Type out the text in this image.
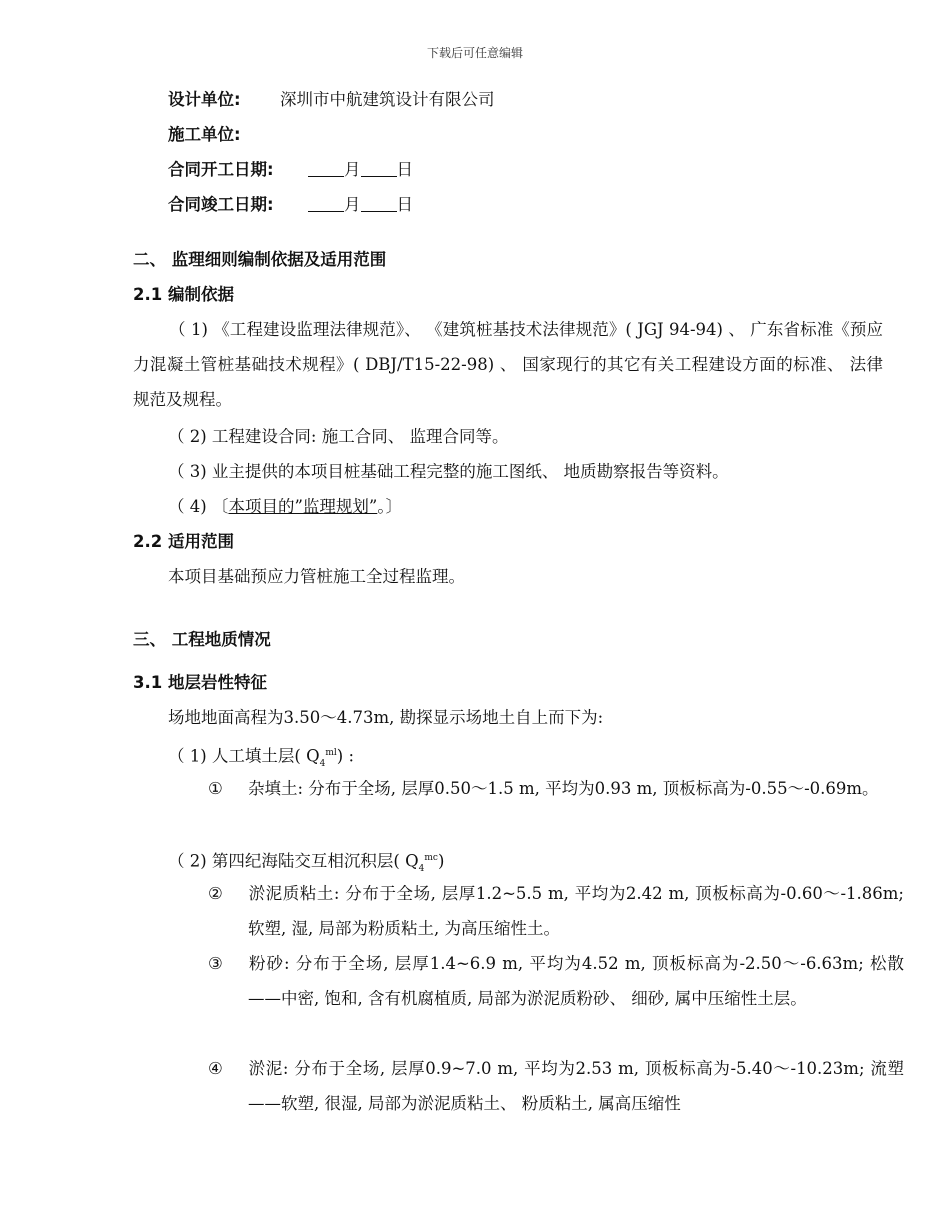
下载后可任意编辑
设计单位: 深圳市中航建筑设计有限公司
施工单位:
合同开工日期:	月 日
合同竣工日期:	月 日
二、 监理细则编制依据及适用范围
2.1 编制依据
（ 1) 《工程建设监理法律规范》、 《建筑桩基技术法律规范》( JGJ 94-94) 、 广东省标准《预应力混凝土管桩基础技术规程》( DBJ/T15-22-98) 、 国家现行的其它有关工程建设方面的标准、 法律规范及规程。
（ 2) 工程建设合同: 施工合同、 监理合同等。
（ 3) 业主提供的本项目桩基础工程完整的施工图纸、 地质勘察报告等资料。
（ 4) 〔本项目的”监理规划”。〕
2.2 适用范围
本项目基础预应力管桩施工全过程监理。
三、 工程地质情况
3.1 地层岩性特征
场地地面高程为3.50～4.73m, 勘探显示场地土自上而下为:
（ 1) 人工填土层( $Q_4^{ml}$) :
① 杂填土: 分布于全场, 层厚0.50～1.5 m, 平均为0.93 m, 顶板标高为-0.55～-0.69m。
（ 2) 第四纪海陆交互相沉积层( $Q_4^{mc}$)
② 淤泥质粘土: 分布于全场, 层厚1.2~5.5 m, 平均为2.42 m, 顶板标高为-0.60～-1.86m; 软塑, 湿, 局部为粉质粘土, 为高压缩性土。
③ 粉砂: 分布于全场, 层厚1.4~6.9 m, 平均为4.52 m, 顶板标高为-2.50～-6.63m; 松散——中密, 饱和, 含有机腐植质, 局部为淤泥质粉砂、 细砂, 属中压缩性土层。
④ 淤泥: 分布于全场, 层厚0.9~7.0 m, 平均为2.53 m, 顶板标高为-5.40～-10.23m; 流塑——软塑, 很湿, 局部为淤泥质粘土、 粉质粘土, 属高压缩性
